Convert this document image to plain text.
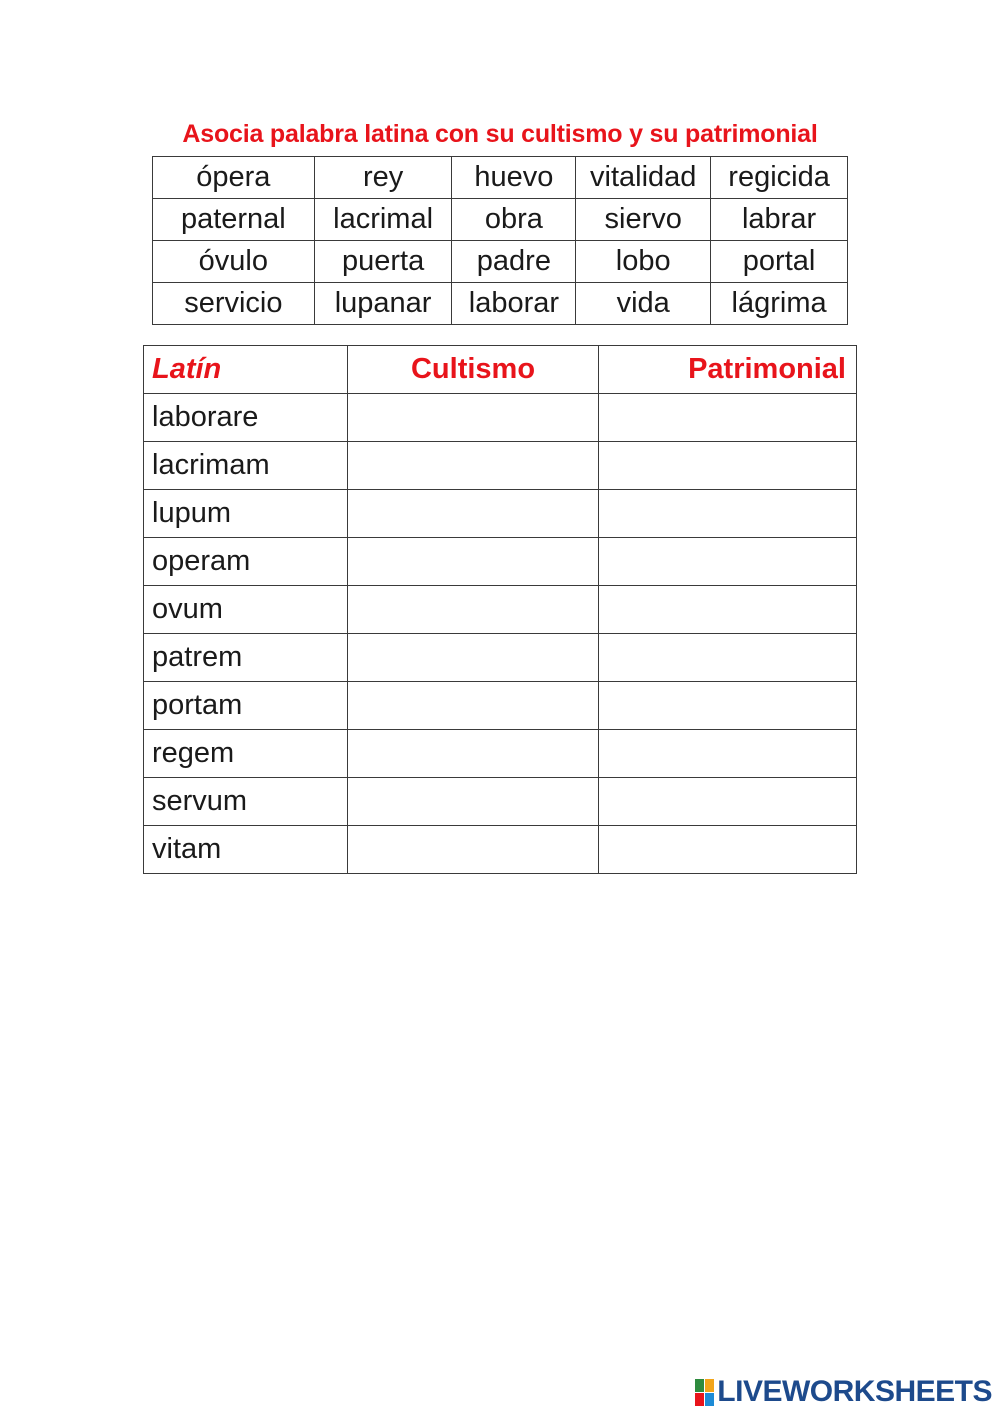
Asocia palabra latina con su cultismo y su patrimonial
ópera	rey	huevo	vitalidad	regicida
paternal	lacrimal	obra	siervo	labrar
óvulo	puerta	padre	lobo	portal
servicio	lupanar	laborar	vida	lágrima
Latín	Cultismo	Patrimonial
laborare		
lacrimam		
lupum		
operam		
ovum		
patrem		
portam		
regem		
servum		
vitam		
LIVEWORKSHEETS
